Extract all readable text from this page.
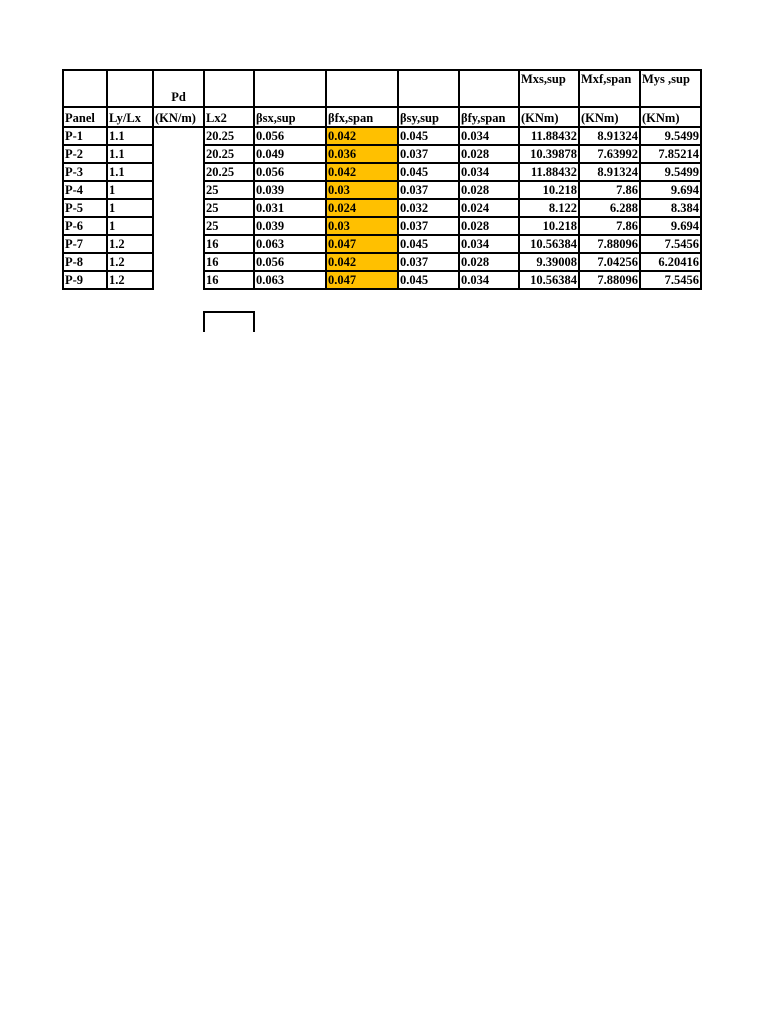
		Pd						Mxs,sup	Mxf,span	Mys ,sup
Panel	Ly/Lx	(KN/m)	Lx2	βsx,sup	βfx,span	βsy,sup	βfy,span	(KNm)	(KNm)	(KNm)
P-1	1.1		20.25	0.056	0.042	0.045	0.034	11.88432	8.91324	9.5499
P-2	1.1		20.25	0.049	0.036	0.037	0.028	10.39878	7.63992	7.85214
P-3	1.1		20.25	0.056	0.042	0.045	0.034	11.88432	8.91324	9.5499
P-4	1		25	0.039	0.03	0.037	0.028	10.218	7.86	9.694
P-5	1		25	0.031	0.024	0.032	0.024	8.122	6.288	8.384
P-6	1		25	0.039	0.03	0.037	0.028	10.218	7.86	9.694
P-7	1.2		16	0.063	0.047	0.045	0.034	10.56384	7.88096	7.5456
P-8	1.2		16	0.056	0.042	0.037	0.028	9.39008	7.04256	6.20416
P-9	1.2		16	0.063	0.047	0.045	0.034	10.56384	7.88096	7.5456
